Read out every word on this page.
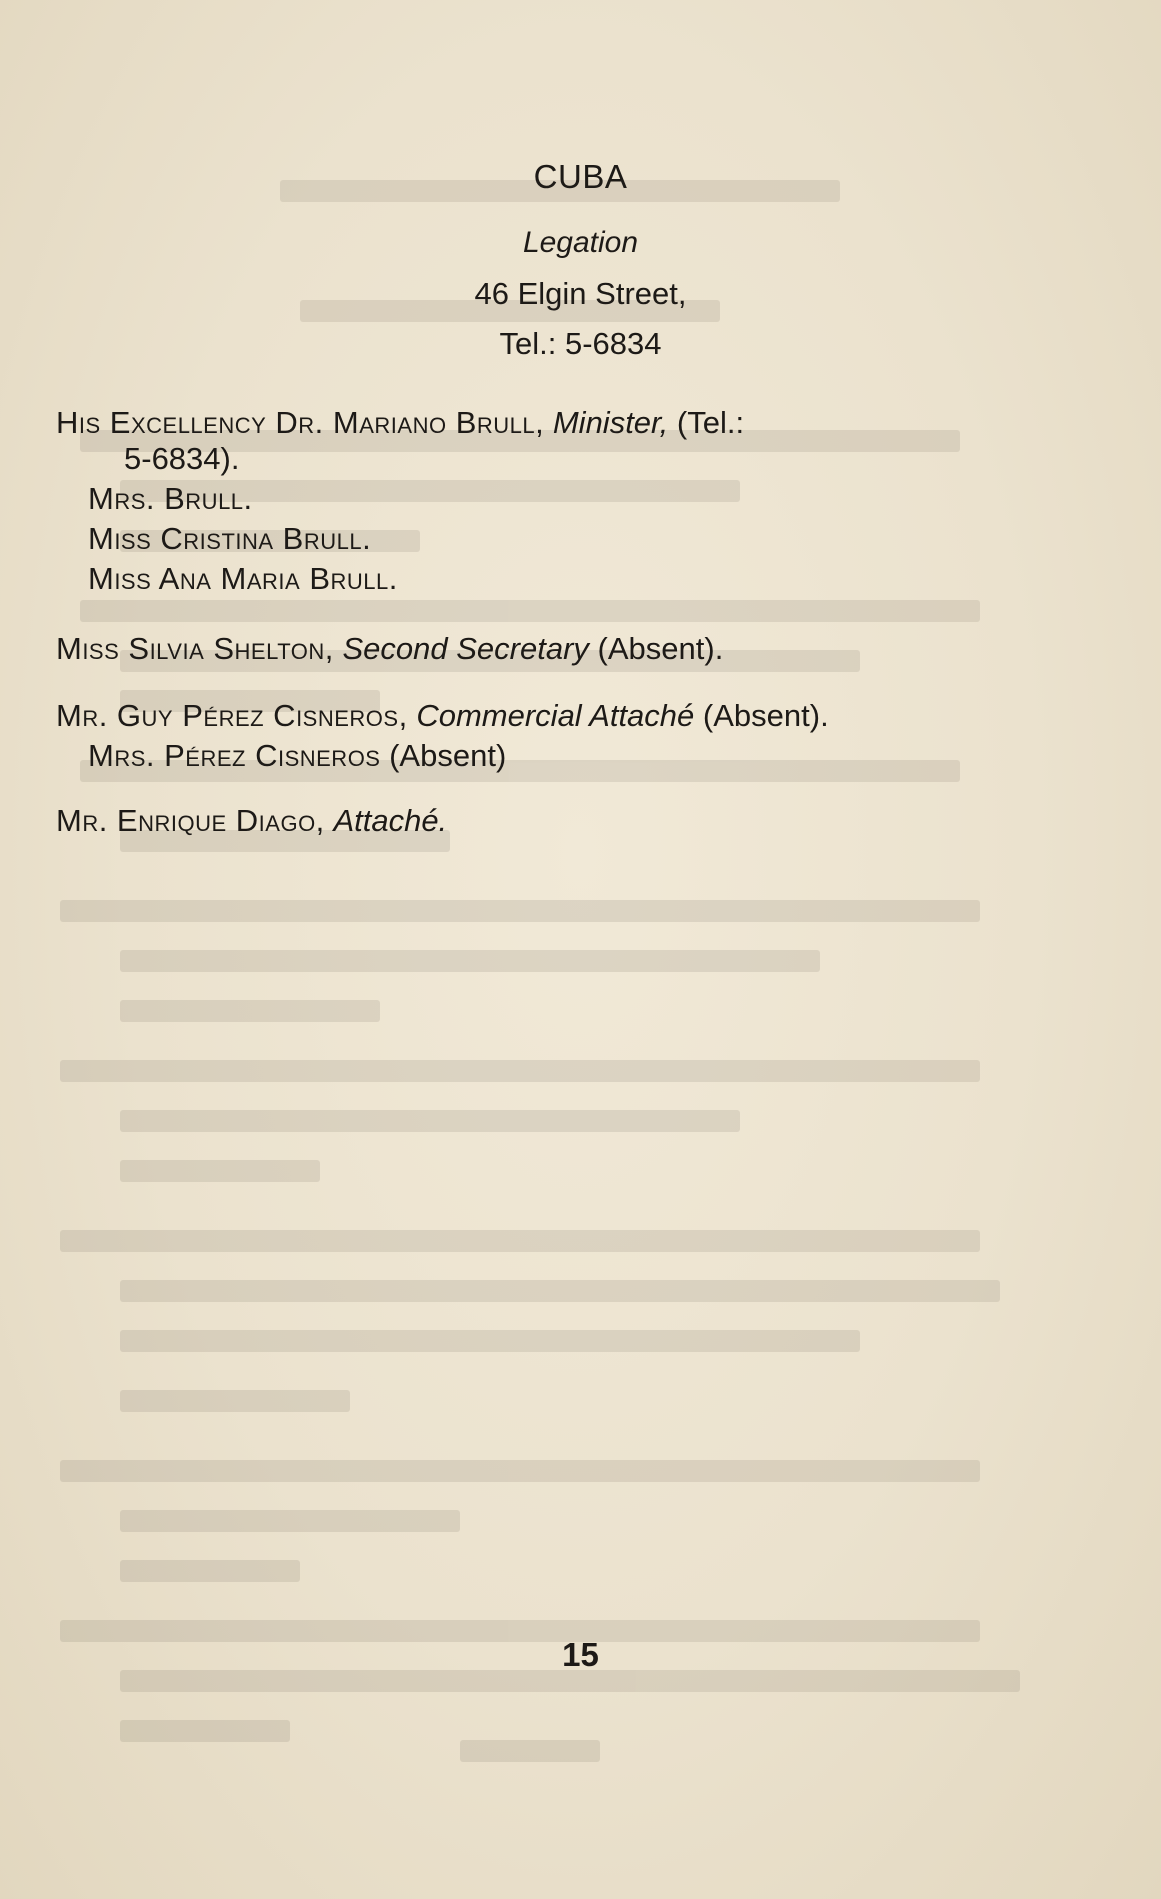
CUBA
Legation
46 Elgin Street,
Tel.: 5-6834
His Excellency Dr. Mariano Brull, Minister, (Tel.:
5-6834).
Mrs. Brull.
Miss Cristina Brull.
Miss Ana Maria Brull.
Miss Silvia Shelton, Second Secretary (Absent).
Mr. Guy Pérez Cisneros, Commercial Attaché (Absent).
Mrs. Pérez Cisneros (Absent)
Mr. Enrique Diago, Attaché.
15
